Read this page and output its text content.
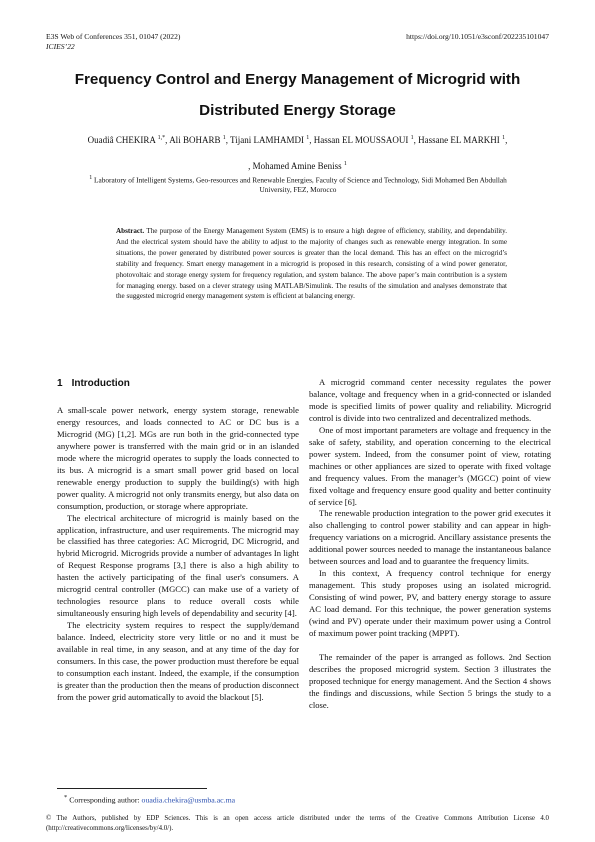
E3S Web of Conferences 351, 01047 (2022)
ICIES’22
https://doi.org/10.1051/e3sconf/202235101047
Frequency Control and Energy Management of Microgrid with
Distributed Energy Storage
Ouadiâ CHEKIRA $^{1,*}$, Ali BOHARB $^1$, Tijani LAMHAMDI $^1$, Hassan EL MOUSSAOUI $^1$, Hassane EL MARKHI $^1$,
, Mohamed Amine Beniss $^1$
$^1$ Laboratory of Intelligent Systems, Geo-resources and Renewable Energies, Faculty of Science and Technology, Sidi Mohamed Ben Abdullah University, FEZ, Morocco
Abstract. The purpose of the Energy Management System (EMS) is to ensure a high degree of efficiency, stability, and dependability. And the electrical system should have the ability to adjust to the majority of changes such as renewable energy integration. In some situations, the power generated by distributed power sources is greater than the local demand. This has an effect on the microgrid’s stability and frequency. Smart energy management in a microgrid is proposed in this research, consisting of a wind power generator, photovoltaic and storage energy system for frequency regulation, and system balance. The above paper’s main contribution is a system for managing energy. based on a clever strategy using MATLAB/Simulink. The results of the simulation and analyses demonstrate that the suggested microgrid energy management system is efficient at balancing energy.
1 Introduction

A small-scale power network, energy system storage, renewable energy resources, and loads connected to AC or DC bus is a Microgrid (MG) [1,2]. MGs are run both in the grid-connected type anywhere power is transferred with the main grid or in an islanded mode where the microgrid operates to supply the loads connected to its bus. A microgrid is a smart small power grid based on local renewable energy production to supply the building(s) with high power quality. A microgrid not only transmits energy, but also data on consumption, production, or storage where appropriate.

The electrical architecture of microgrid is mainly based on the application, infrastructure, and user requirements. The microgrid may be classified has three categories: AC Microgrid, DC Microgrid, and hybrid Microgrid. Microgrids provide a number of advantages In light of Request Response programs [3,] there is also a high ability to hasten the actively participating of the final user's consumers. A microgrid central controller (MGCC) can make use of a variety of technologies resource plans to reduce overall costs while simultaneously ensuring high levels of dependability and security [4].

The electricity system requires to respect the supply/demand balance. Indeed, electricity store very little or no and it must be available in real time, in any season, and at any time of the day for consumers. In this case, the power production must therefore be equal to consumption each instant. Indeed, the example, if the consumption is greater than the production then the means of production disconnect from the power grid automatically to avoid the blackout [5].

A microgrid command center necessity regulates the power balance, voltage and frequency when in a grid-connected or islanded mode is specified limits of power quality and reliability. Microgrid control is divide into two centralized and decentralized methods.

One of most important parameters are voltage and frequency in the sake of safety, stability, and operation concerning to the electrical power system. Indeed, from the consumer point of view, rotating machines or other appliances are sized to operate with fixed voltage and frequency values. From the manager’s (MGCC) point of view fixed voltage and frequency ensure good quality and better continuity of service [6].

The renewable production integration to the power grid executes it also challenging to control power stability and can appear in high-frequency variations on a microgrid. Ancillary assistance presents the additional power sources needed to manage the instantaneous balance between sources and load and to guarantee the frequency limits.

In this context, A frequency control technique for energy management. This study proposes using an isolated microgrid. Consisting of wind power, PV, and battery energy storage to assure AC load demand. For this technique, the power generation systems (wind and PV) operate under their maximum power using a Control of maximum power point tracking (MPPT).

The remainder of the paper is arranged as follows. 2nd Section describes the proposed microgrid system. Section 3 illustrates the proposed technique for energy management. And the Section 4 shows the findings and discussions, while Section 5 brings the study to a close.

* Corresponding author: ouadia.chekira@usmba.ac.ma
© The Authors, published by EDP Sciences. This is an open access article distributed under the terms of the Creative Commons Attribution License 4.0 (http://creativecommons.org/licenses/by/4.0/).
